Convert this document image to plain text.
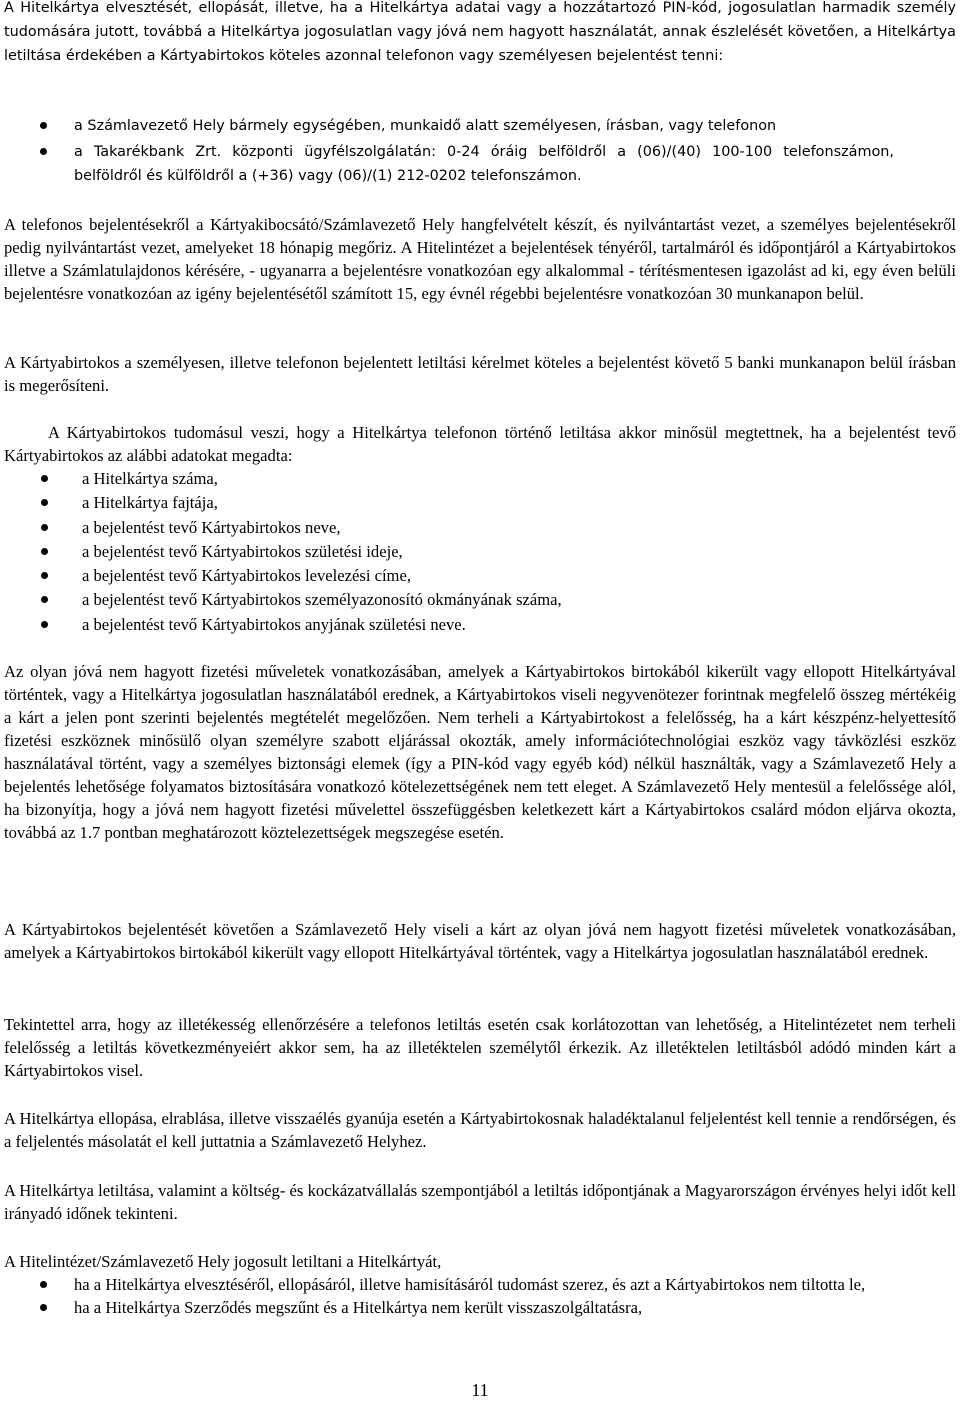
A Hitelkártya elvesztését, ellopását, illetve, ha a Hitelkártya adatai vagy a hozzátartozó PIN-kód, jogosulatlan harmadik személy tudomására jutott, továbbá a Hitelkártya jogosulatlan vagy jóvá nem hagyott használatát, annak észlelését követően, a Hitelkártya letiltása érdekében a Kártyabirtokos köteles azonnal telefonon vagy személyesen bejelentést tenni:

a Számlavezető Hely bármely egységében, munkaidő alatt személyesen, írásban, vagy telefonon
a Takarékbank Zrt. központi ügyfélszolgálatán: 0-24 óráig belföldről a (06)/(40) 100-100 telefonszámon, belföldről és külföldről a (+36) vagy (06)/(1) 212-0202 telefonszámon.

A telefonos bejelentésekről a Kártyakibocsátó/Számlavezető Hely hangfelvételt készít, és nyilvántartást vezet, a személyes bejelentésekről pedig nyilvántartást vezet, amelyeket 18 hónapig megőriz. A Hitelintézet a bejelentések tényéről, tartalmáról és időpontjáról a Kártyabirtokos illetve a Számlatulajdonos kérésére, - ugyanarra a bejelentésre vonatkozóan egy alkalommal - térítésmentesen igazolást ad ki, egy éven belüli bejelentésre vonatkozóan az igény bejelentésétől számított 15, egy évnél régebbi bejelentésre vonatkozóan 30 munkanapon belül.

A Kártyabirtokos a személyesen, illetve telefonon bejelentett letiltási kérelmet köteles a bejelentést követő 5 banki munkanapon belül írásban is megerősíteni.

A Kártyabirtokos tudomásul veszi, hogy a Hitelkártya telefonon történő letiltása akkor minősül megtettnek, ha a bejelentést tevő Kártyabirtokos az alábbi adatokat megadta:

a Hitelkártya száma,
a Hitelkártya fajtája,
a bejelentést tevő Kártyabirtokos neve,
a bejelentést tevő Kártyabirtokos születési ideje,
a bejelentést tevő Kártyabirtokos levelezési címe,
a bejelentést tevő Kártyabirtokos személyazonosító okmányának száma,
a bejelentést tevő Kártyabirtokos anyjának születési neve.

Az olyan jóvá nem hagyott fizetési műveletek vonatkozásában, amelyek a Kártyabirtokos birtokából kikerült vagy ellopott Hitelkártyával történtek, vagy a Hitelkártya jogosulatlan használatából erednek, a Kártyabirtokos viseli negyvenötezer forintnak megfelelő összeg mértékéig a kárt a jelen pont szerinti bejelentés megtételét megelőzően. Nem terheli a Kártyabirtokost a felelősség, ha a kárt készpénz-helyettesítő fizetési eszköznek minősülő olyan személyre szabott eljárással okozták, amely információtechnológiai eszköz vagy távközlési eszköz használatával történt, vagy a személyes biztonsági elemek (így a PIN-kód vagy egyéb kód) nélkül használták, vagy a Számlavezető Hely a bejelentés lehetősége folyamatos biztosítására vonatkozó kötelezettségének nem tett eleget. A Számlavezető Hely mentesül a felelőssége alól, ha bizonyítja, hogy a jóvá nem hagyott fizetési művelettel összefüggésben keletkezett kárt a Kártyabirtokos csalárd módon eljárva okozta, továbbá az 1.7 pontban meghatározott köztelezettségek megszegése esetén.

A Kártyabirtokos bejelentését követően a Számlavezető Hely viseli a kárt az olyan jóvá nem hagyott fizetési műveletek vonatkozásában, amelyek a Kártyabirtokos birtokából kikerült vagy ellopott Hitelkártyával történtek, vagy a Hitelkártya jogosulatlan használatából erednek.

Tekintettel arra, hogy az illetékesség ellenőrzésére a telefonos letiltás esetén csak korlátozottan van lehetőség, a Hitelintézetet nem terheli felelősség a letiltás következményeiért akkor sem, ha az illetéktelen személytől érkezik. Az illetéktelen letiltásból adódó minden kárt a Kártyabirtokos visel.

A Hitelkártya ellopása, elrablása, illetve visszaélés gyanúja esetén a Kártyabirtokosnak haladéktalanul feljelentést kell tennie a rendőrségen, és a feljelentés másolatát el kell juttatnia a Számlavezető Helyhez.

A Hitelkártya letiltása, valamint a költség- és kockázatvállalás szempontjából a letiltás időpontjának a Magyarországon érvényes helyi időt kell irányadó időnek tekinteni.

A Hitelintézet/Számlavezető Hely jogosult letiltani a Hitelkártyát,

ha a Hitelkártya elvesztéséről, ellopásáról, illetve hamisításáról tudomást szerez, és azt a Kártyabirtokos nem tiltotta le,
ha a Hitelkártya Szerződés megszűnt és a Hitelkártya nem került visszaszolgáltatásra,
11
